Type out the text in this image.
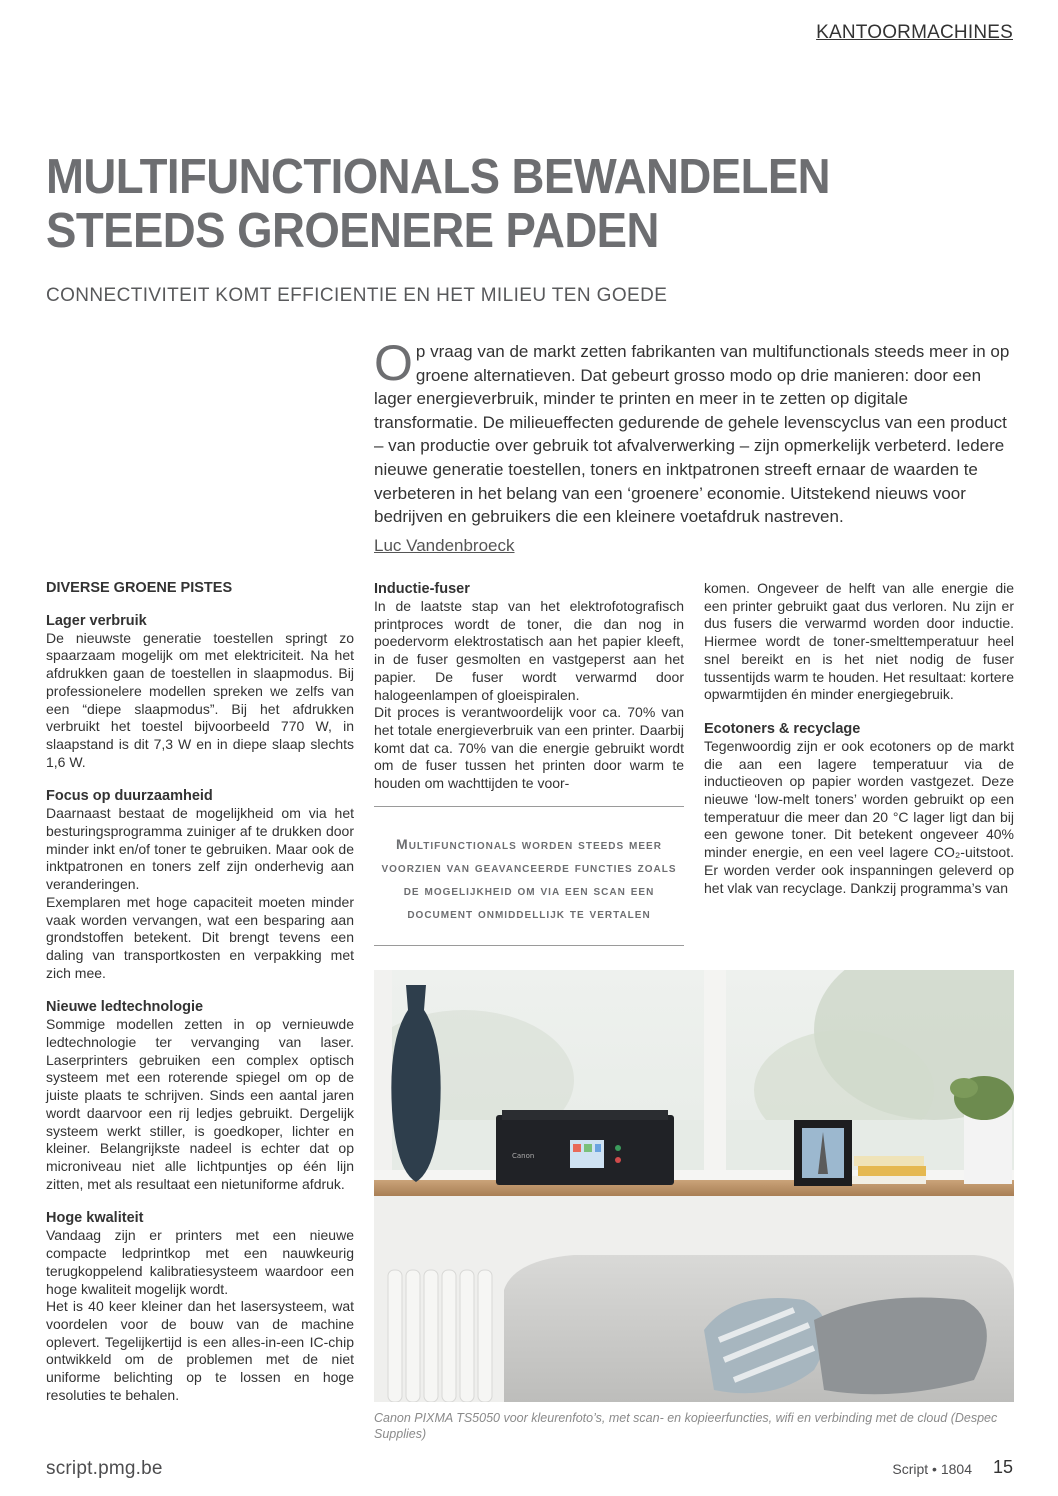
KANTOORMACHINES
MULTIFUNCTIONALS BEWANDELEN
STEEDS GROENERE PADEN
CONNECTIVITEIT KOMT EFFICIENTIE EN HET MILIEU TEN GOEDE
Op vraag van de markt zetten fabrikanten van multifunctionals steeds meer in op groene alternatieven. Dat gebeurt grosso modo op drie manieren: door een lager energieverbruik, minder te printen en meer in te zetten op digitale transformatie. De milieueffecten gedurende de gehele levenscyclus van een product – van productie over gebruik tot afvalverwerking – zijn opmerkelijk verbeterd. Iedere nieuwe generatie toestellen, toners en inktpatronen streeft ernaar de waarden te verbeteren in het belang van een ‘groenere’ economie. Uitstekend nieuws voor bedrijven en gebruikers die een kleinere voetafdruk nastreven.
Luc Vandenbroeck
DIVERSE GROENE PISTES
Lager verbruik

De nieuwste generatie toestellen springt zo spaarzaam mogelijk om met elektriciteit. Na het afdrukken gaan de toestellen in slaapmodus. Bij professionelere modellen spreken we zelfs van een “diepe slaapmodus”. Bij het afdrukken verbruikt het toestel bijvoorbeeld 770 W, in slaapstand is dit 7,3 W en in diepe slaap slechts 1,6 W.

Focus op duurzaamheid

Daarnaast bestaat de mogelijkheid om via het besturingsprogramma zuiniger af te drukken door minder inkt en/of toner te gebruiken. Maar ook de inktpatronen en toners zelf zijn onderhevig aan veranderingen.

Exemplaren met hoge capaciteit moeten minder vaak worden vervangen, wat een besparing aan grondstoffen betekent. Dit brengt tevens een daling van transportkosten en verpakking met zich mee.

Nieuwe ledtechnologie

Sommige modellen zetten in op vernieuwde ledtechnologie ter vervanging van laser. Laserprinters gebruiken een complex optisch systeem met een roterende spiegel om op de juiste plaats te schrijven. Sinds een aantal jaren wordt daarvoor een rij ledjes gebruikt. Dergelijk systeem werkt stiller, is goedkoper, lichter en kleiner. Belangrijkste nadeel is echter dat op microniveau niet alle lichtpuntjes op één lijn zitten, met als resultaat een nietuniforme afdruk.

Hoge kwaliteit

Vandaag zijn er printers met een nieuwe compacte ledprintkop met een nauwkeurig terugkoppelend kalibratiesysteem waardoor een hoge kwaliteit mogelijk wordt.

Het is 40 keer kleiner dan het lasersysteem, wat voordelen voor de bouw van de machine oplevert. Tegelijkertijd is een alles-in-een IC-chip ontwikkeld om de problemen met de niet uniforme belichting op te lossen en hoge resoluties te behalen.

Inductie-fuser

In de laatste stap van het elektrofotografisch printproces wordt de toner, die dan nog in poedervorm elektrostatisch aan het papier kleeft, in de fuser gesmolten en vastgeperst aan het papier. De fuser wordt verwarmd door halogeenlampen of gloeispiralen.

Dit proces is verantwoordelijk voor ca. 70% van het totale energieverbruik van een printer. Daarbij komt dat ca. 70% van die energie gebruikt wordt om de fuser tussen het printen door warm te houden om wachttijden te voor-

Multifunctionals worden steeds meer voorzien van geavanceerde functies zoals de mogelijkheid om via een scan een document onmiddellijk te vertalen

komen. Ongeveer de helft van alle energie die een printer gebruikt gaat dus verloren. Nu zijn er dus fusers die verwarmd worden door inductie. Hiermee wordt de toner-smelttemperatuur heel snel bereikt en is het niet nodig de fuser tussentijds warm te houden. Het resultaat: kortere opwarmtijden én minder energiegebruik.

Ecotoners & recyclage

Tegenwoordig zijn er ook ecotoners op de markt die aan een lagere temperatuur via de inductieoven op papier worden vastgezet. Deze nieuwe ‘low-melt toners’ worden gebruikt op een temperatuur die meer dan 20 °C lager ligt dan bij een gewone toner. Dit betekent ongeveer 40% minder energie, en een veel lagere CO₂-uitstoot. Er worden verder ook inspanningen geleverd op het vlak van recyclage. Dankzij programma’s van

Canon
Canon PIXMA TS5050 voor kleurenfoto’s, met scan- en kopieerfuncties, wifi en verbinding met de cloud (Despec Supplies)
script.pmg.be	Script • 1804 15
